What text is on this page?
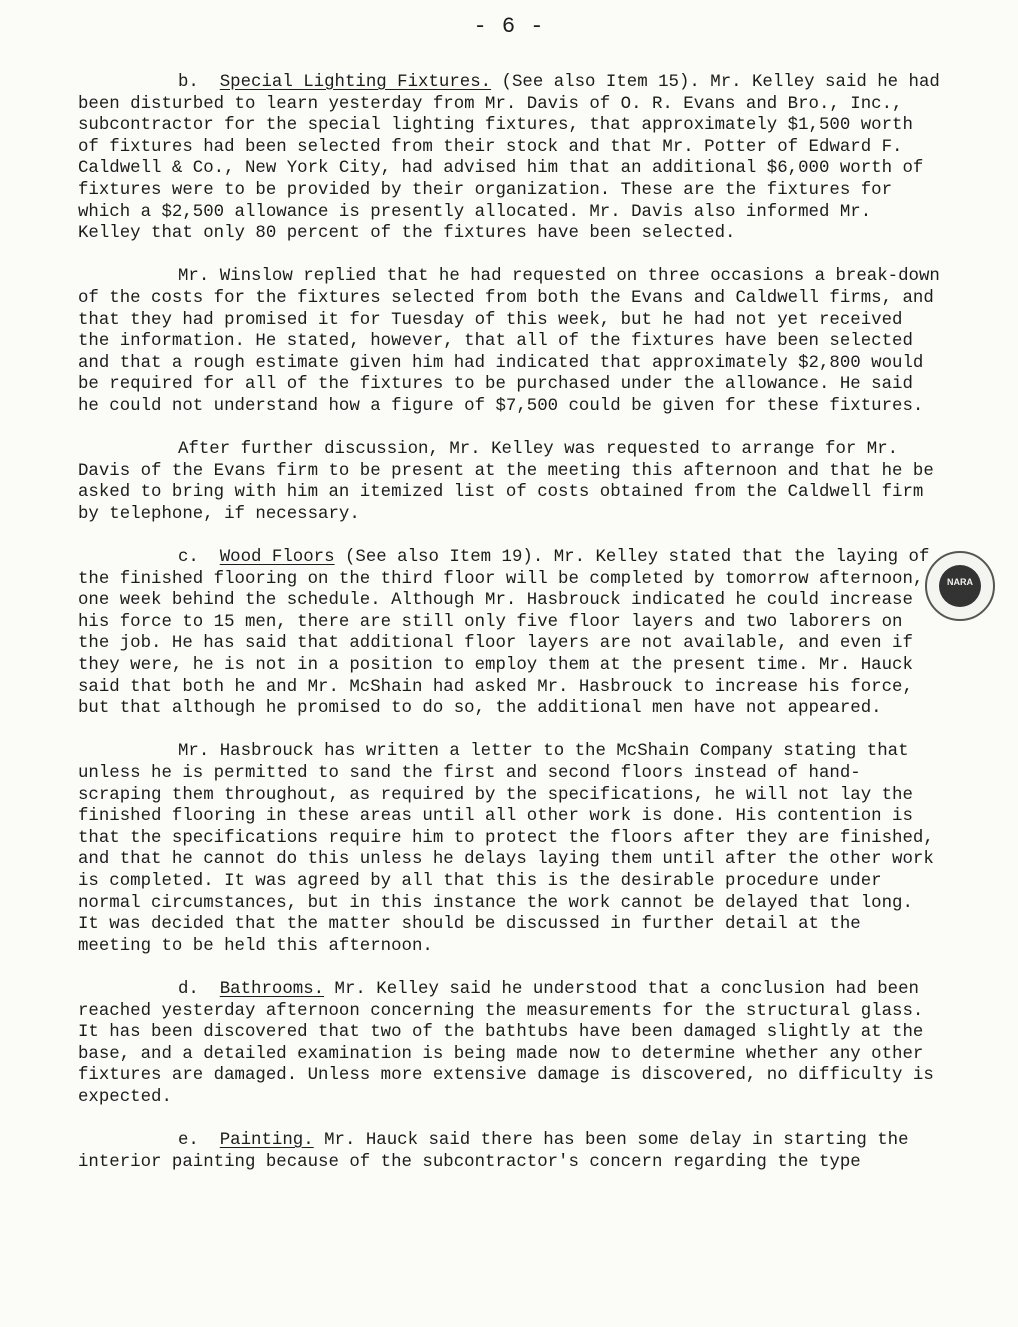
- 6 -

b. Special Lighting Fixtures. (See also Item 15). Mr. Kelley said he had been disturbed to learn yesterday from Mr. Davis of O. R. Evans and Bro., Inc., subcontractor for the special lighting fixtures, that approximately $1,500 worth of fixtures had been selected from their stock and that Mr. Potter of Edward F. Caldwell & Co., New York City, had advised him that an additional $6,000 worth of fixtures were to be provided by their organization. These are the fixtures for which a $2,500 allowance is presently allocated. Mr. Davis also informed Mr. Kelley that only 80 percent of the fixtures have been selected.

Mr. Winslow replied that he had requested on three occasions a break-down of the costs for the fixtures selected from both the Evans and Caldwell firms, and that they had promised it for Tuesday of this week, but he had not yet received the information. He stated, however, that all of the fixtures have been selected and that a rough estimate given him had indicated that approximately $2,800 would be required for all of the fixtures to be purchased under the allowance. He said he could not understand how a figure of $7,500 could be given for these fixtures.

After further discussion, Mr. Kelley was requested to arrange for Mr. Davis of the Evans firm to be present at the meeting this afternoon and that he be asked to bring with him an itemized list of costs obtained from the Caldwell firm by telephone, if necessary.

c. Wood Floors (See also Item 19). Mr. Kelley stated that the laying of the finished flooring on the third floor will be completed by tomorrow afternoon, one week behind the schedule. Although Mr. Hasbrouck indicated he could increase his force to 15 men, there are still only five floor layers and two laborers on the job. He has said that additional floor layers are not available, and even if they were, he is not in a position to employ them at the present time. Mr. Hauck said that both he and Mr. McShain had asked Mr. Hasbrouck to increase his force, but that although he promised to do so, the additional men have not appeared.

Mr. Hasbrouck has written a letter to the McShain Company stating that unless he is permitted to sand the first and second floors instead of hand-scraping them throughout, as required by the specifications, he will not lay the finished flooring in these areas until all other work is done. His contention is that the specifications require him to protect the floors after they are finished, and that he cannot do this unless he delays laying them until after the other work is completed. It was agreed by all that this is the desirable procedure under normal circumstances, but in this instance the work cannot be delayed that long. It was decided that the matter should be discussed in further detail at the meeting to be held this afternoon.

d. Bathrooms. Mr. Kelley said he understood that a conclusion had been reached yesterday afternoon concerning the measurements for the structural glass. It has been discovered that two of the bathtubs have been damaged slightly at the base, and a detailed examination is being made now to determine whether any other fixtures are damaged. Unless more extensive damage is discovered, no difficulty is expected.

e. Painting. Mr. Hauck said there has been some delay in starting the interior painting because of the subcontractor's concern regarding the type

NARA
